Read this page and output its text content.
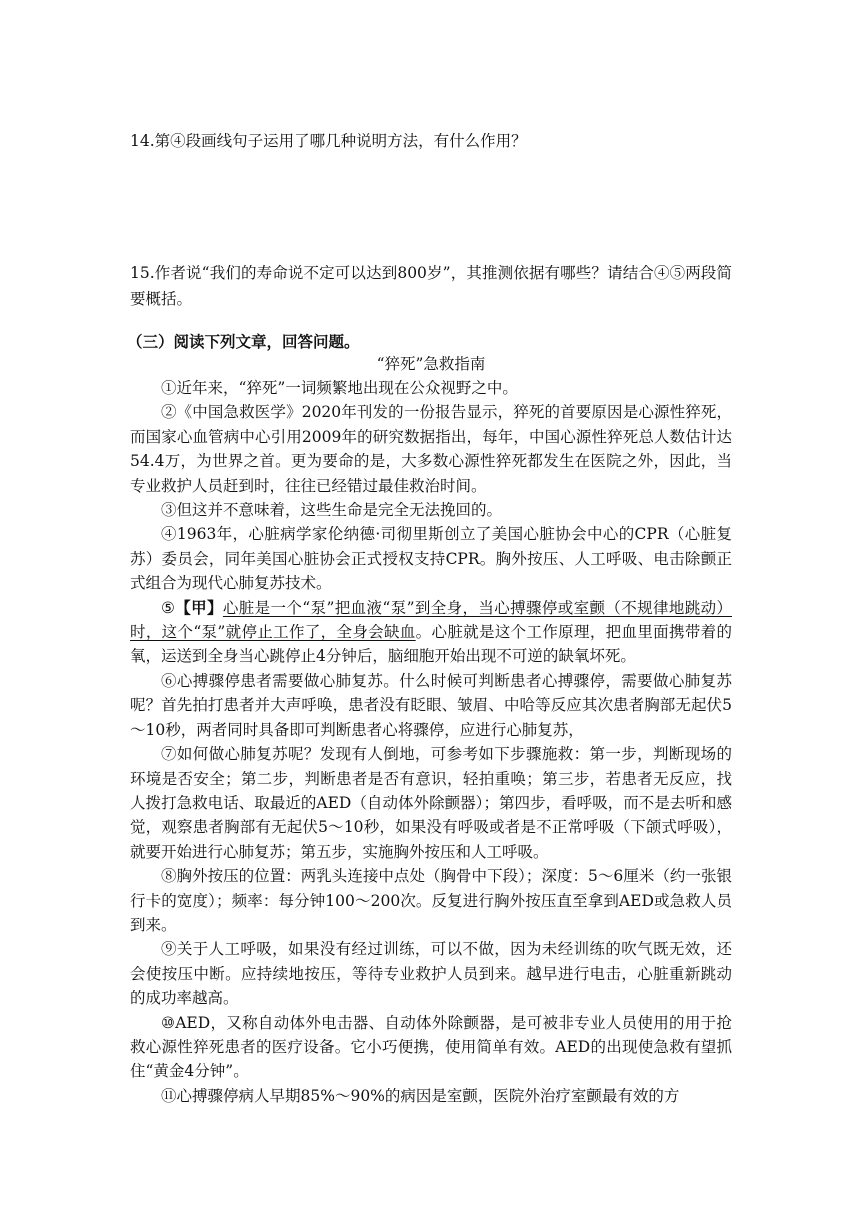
14.第④段画线句子运用了哪几种说明方法，有什么作用？
15.作者说“我们的寿命说不定可以达到800岁”，其推测依据有哪些？请结合④⑤两段简要概括。
（三）阅读下列文章，回答问题。
“猝死”急救指南

①近年来，“猝死”一词频繁地出现在公众视野之中。

②《中国急救医学》2020年刊发的一份报告显示，猝死的首要原因是心源性猝死，而国家心血管病中心引用2009年的研究数据指出，每年，中国心源性猝死总人数估计达54.4万，为世界之首。更为要命的是，大多数心源性猝死都发生在医院之外，因此，当专业救护人员赶到时，往往已经错过最佳救治时间。

③但这并不意味着，这些生命是完全无法挽回的。

④1963年，心脏病学家伦纳德·司彻里斯创立了美国心脏协会中心的CPR（心脏复苏）委员会，同年美国心脏协会正式授权支持CPR。胸外按压、人工呼吸、电击除颤正式组合为现代心肺复苏技术。

⑤【甲】心脏是一个“泵”把血液“泵”到全身，当心搏骤停或室颤（不规律地跳动）时，这个“泵”就停止工作了，全身会缺血。心脏就是这个工作原理，把血里面携带着的氧，运送到全身当心跳停止4分钟后，脑细胞开始出现不可逆的缺氧坏死。

⑥心搏骤停患者需要做心肺复苏。什么时候可判断患者心搏骤停，需要做心肺复苏呢？首先拍打患者并大声呼唤，患者没有眨眼、皱眉、中哈等反应其次患者胸部无起伏5～10秒，两者同时具备即可判断患者心将骤停，应进行心肺复苏，

⑦如何做心肺复苏呢？发现有人倒地，可参考如下步骤施救：第一步，判断现场的环境是否安全；第二步，判断患者是否有意识，轻拍重唤；第三步，若患者无反应，找人拨打急救电话、取最近的AED（自动体外除颤器）；第四步，看呼吸，而不是去听和感觉，观察患者胸部有无起伏5～10秒，如果没有呼吸或者是不正常呼吸（下颌式呼吸），就要开始进行心肺复苏；第五步，实施胸外按压和人工呼吸。

⑧胸外按压的位置：两乳头连接中点处（胸骨中下段）；深度：5～6厘米（约一张银行卡的宽度）；频率：每分钟100～200次。反复进行胸外按压直至拿到AED或急救人员到来。

⑨关于人工呼吸，如果没有经过训练，可以不做，因为未经训练的吹气既无效，还会使按压中断。应持续地按压，等待专业救护人员到来。越早进行电击，心脏重新跳动的成功率越高。

⑩AED，又称自动体外电击器、自动体外除颤器，是可被非专业人员使用的用于抢救心源性猝死患者的医疗设备。它小巧便携，使用简单有效。AED的出现使急救有望抓住“黄金4分钟”。

⑪心搏骤停病人早期85%～90%的病因是室颤，医院外治疗室颤最有效的方
